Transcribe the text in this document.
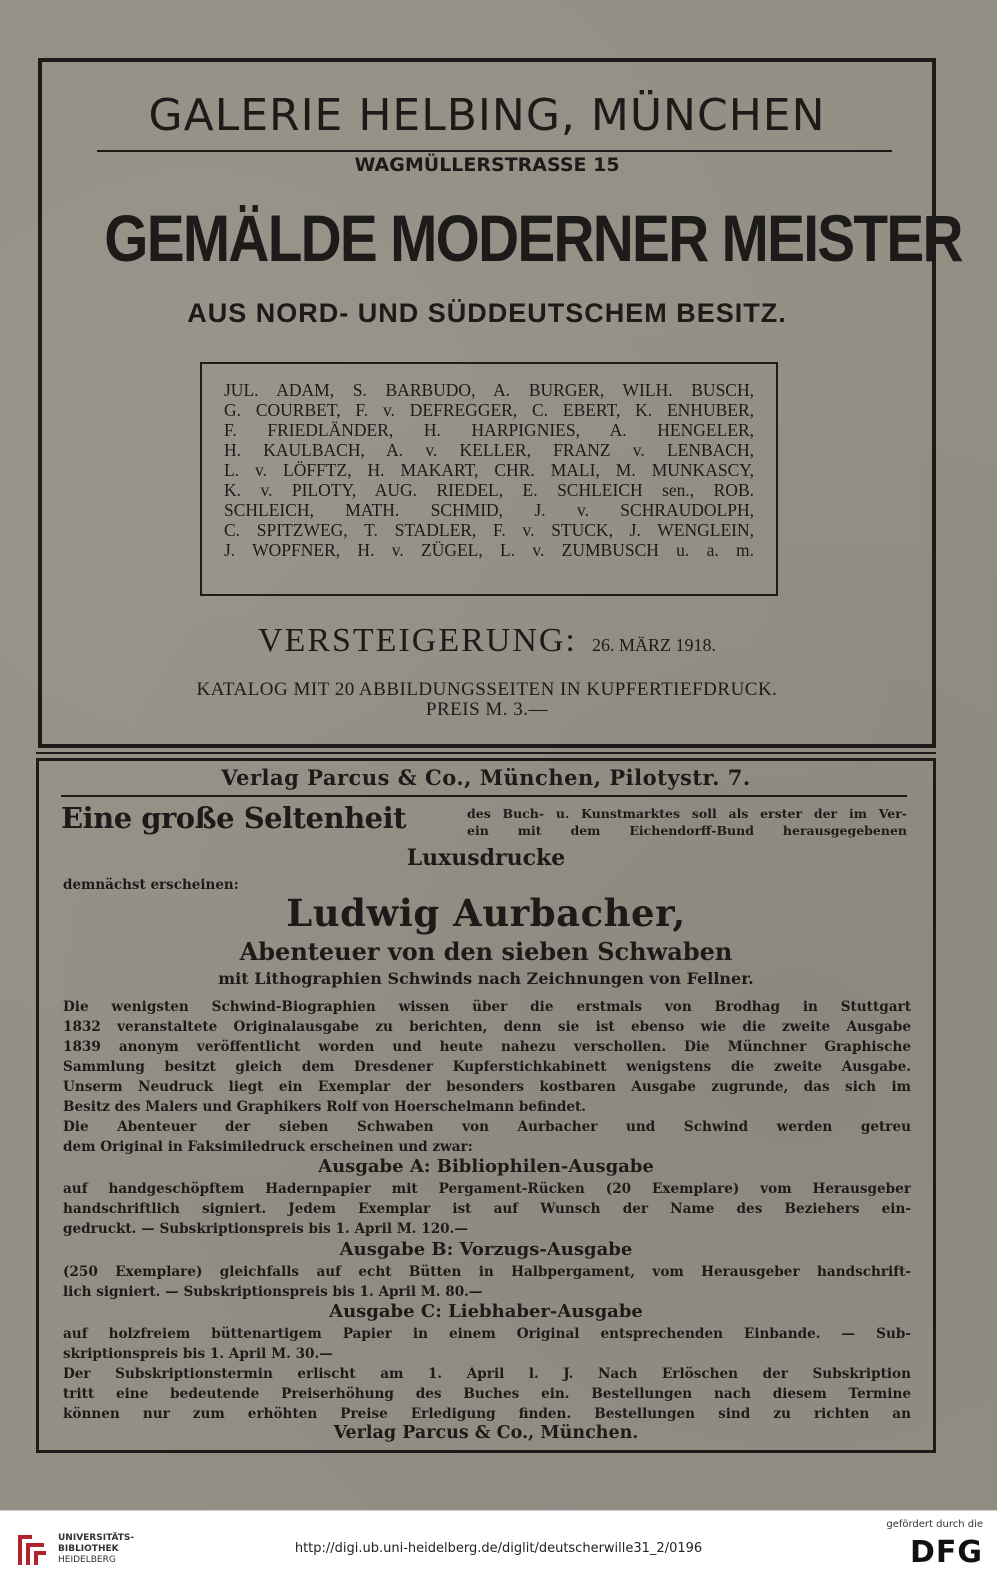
GALERIE HELBING, MÜNCHEN
WAGMÜLLERSTRASSE 15
GEMÄLDE MODERNER MEISTER
AUS NORD- UND SÜDDEUTSCHEM BESITZ.
JUL. ADAM, S. BARBUDO, A. BURGER, WILH. BUSCH,
G. COURBET, F. v. DEFREGGER, C. EBERT, K. ENHUBER,
F. FRIEDLÄNDER, H. HARPIGNIES, A. HENGELER,
H. KAULBACH, A. v. KELLER, FRANZ v. LENBACH,
L. v. LÖFFTZ, H. MAKART, CHR. MALI, M. MUNKASCY,
K. v. PILOTY, AUG. RIEDEL, E. SCHLEICH sen., ROB.
SCHLEICH, MATH. SCHMID, J. v. SCHRAUDOLPH,
C. SPITZWEG, T. STADLER, F. v. STUCK, J. WENGLEIN,
J. WOPFNER, H. v. ZÜGEL, L. v. ZUMBUSCH u. a. m.
VERSTEIGERUNG: 26. MÄRZ 1918.
KATALOG MIT 20 ABBILDUNGSSEITEN IN KUPFERTIEFDRUCK.
PREIS M. 3.—
Verlag Parcus & Co., München, Pilotystr. 7.
Eine große Seltenheit	des Buch- u. Kunstmarktes soll als erster der im Ver-
ein mit dem Eichendorff-Bund herausgegebenen
Luxusdrucke
demnächst erscheinen:
Ludwig Aurbacher,
Abenteuer von den sieben Schwaben
mit Lithographien Schwinds nach Zeichnungen von Fellner.
Die wenigsten Schwind-Biographien wissen über die erstmals von Brodhag in Stuttgart
1832 veranstaltete Originalausgabe zu berichten, denn sie ist ebenso wie die zweite Ausgabe
1839 anonym veröffentlicht worden und heute nahezu verschollen. Die Münchner Graphische
Sammlung besitzt gleich dem Dresdener Kupferstichkabinett wenigstens die zweite Ausgabe.
Unserm Neudruck liegt ein Exemplar der besonders kostbaren Ausgabe zugrunde, das sich im
Besitz des Malers und Graphikers Rolf von Hoerschelmann befindet.
Die Abenteuer der sieben Schwaben von Aurbacher und Schwind werden getreu
dem Original in Faksimiledruck erscheinen und zwar:
Ausgabe A: Bibliophilen-Ausgabe
auf handgeschöpftem Hadernpapier mit Pergament-Rücken (20 Exemplare) vom Herausgeber
handschriftlich signiert. Jedem Exemplar ist auf Wunsch der Name des Beziehers ein-
gedruckt. — Subskriptionspreis bis 1. April M. 120.—
Ausgabe B: Vorzugs-Ausgabe
(250 Exemplare) gleichfalls auf echt Bütten in Halbpergament, vom Herausgeber handschrift-
lich signiert. — Subskriptionspreis bis 1. April M. 80.—
Ausgabe C: Liebhaber-Ausgabe
auf holzfreiem büttenartigem Papier in einem Original entsprechenden Einbande. — Sub-
skriptionspreis bis 1. April M. 30.—
Der Subskriptionstermin erlischt am 1. April l. J. Nach Erlöschen der Subskription
tritt eine bedeutende Preiserhöhung des Buches ein. Bestellungen nach diesem Termine
können nur zum erhöhten Preise Erledigung finden. Bestellungen sind zu richten an
Verlag Parcus & Co., München.
UNIVERSITÄTS-
BIBLIOTHEK
HEIDELBERG
http://digi.ub.uni-heidelberg.de/diglit/deutscherwille31_2/0196
gefördert durch die
DFG
